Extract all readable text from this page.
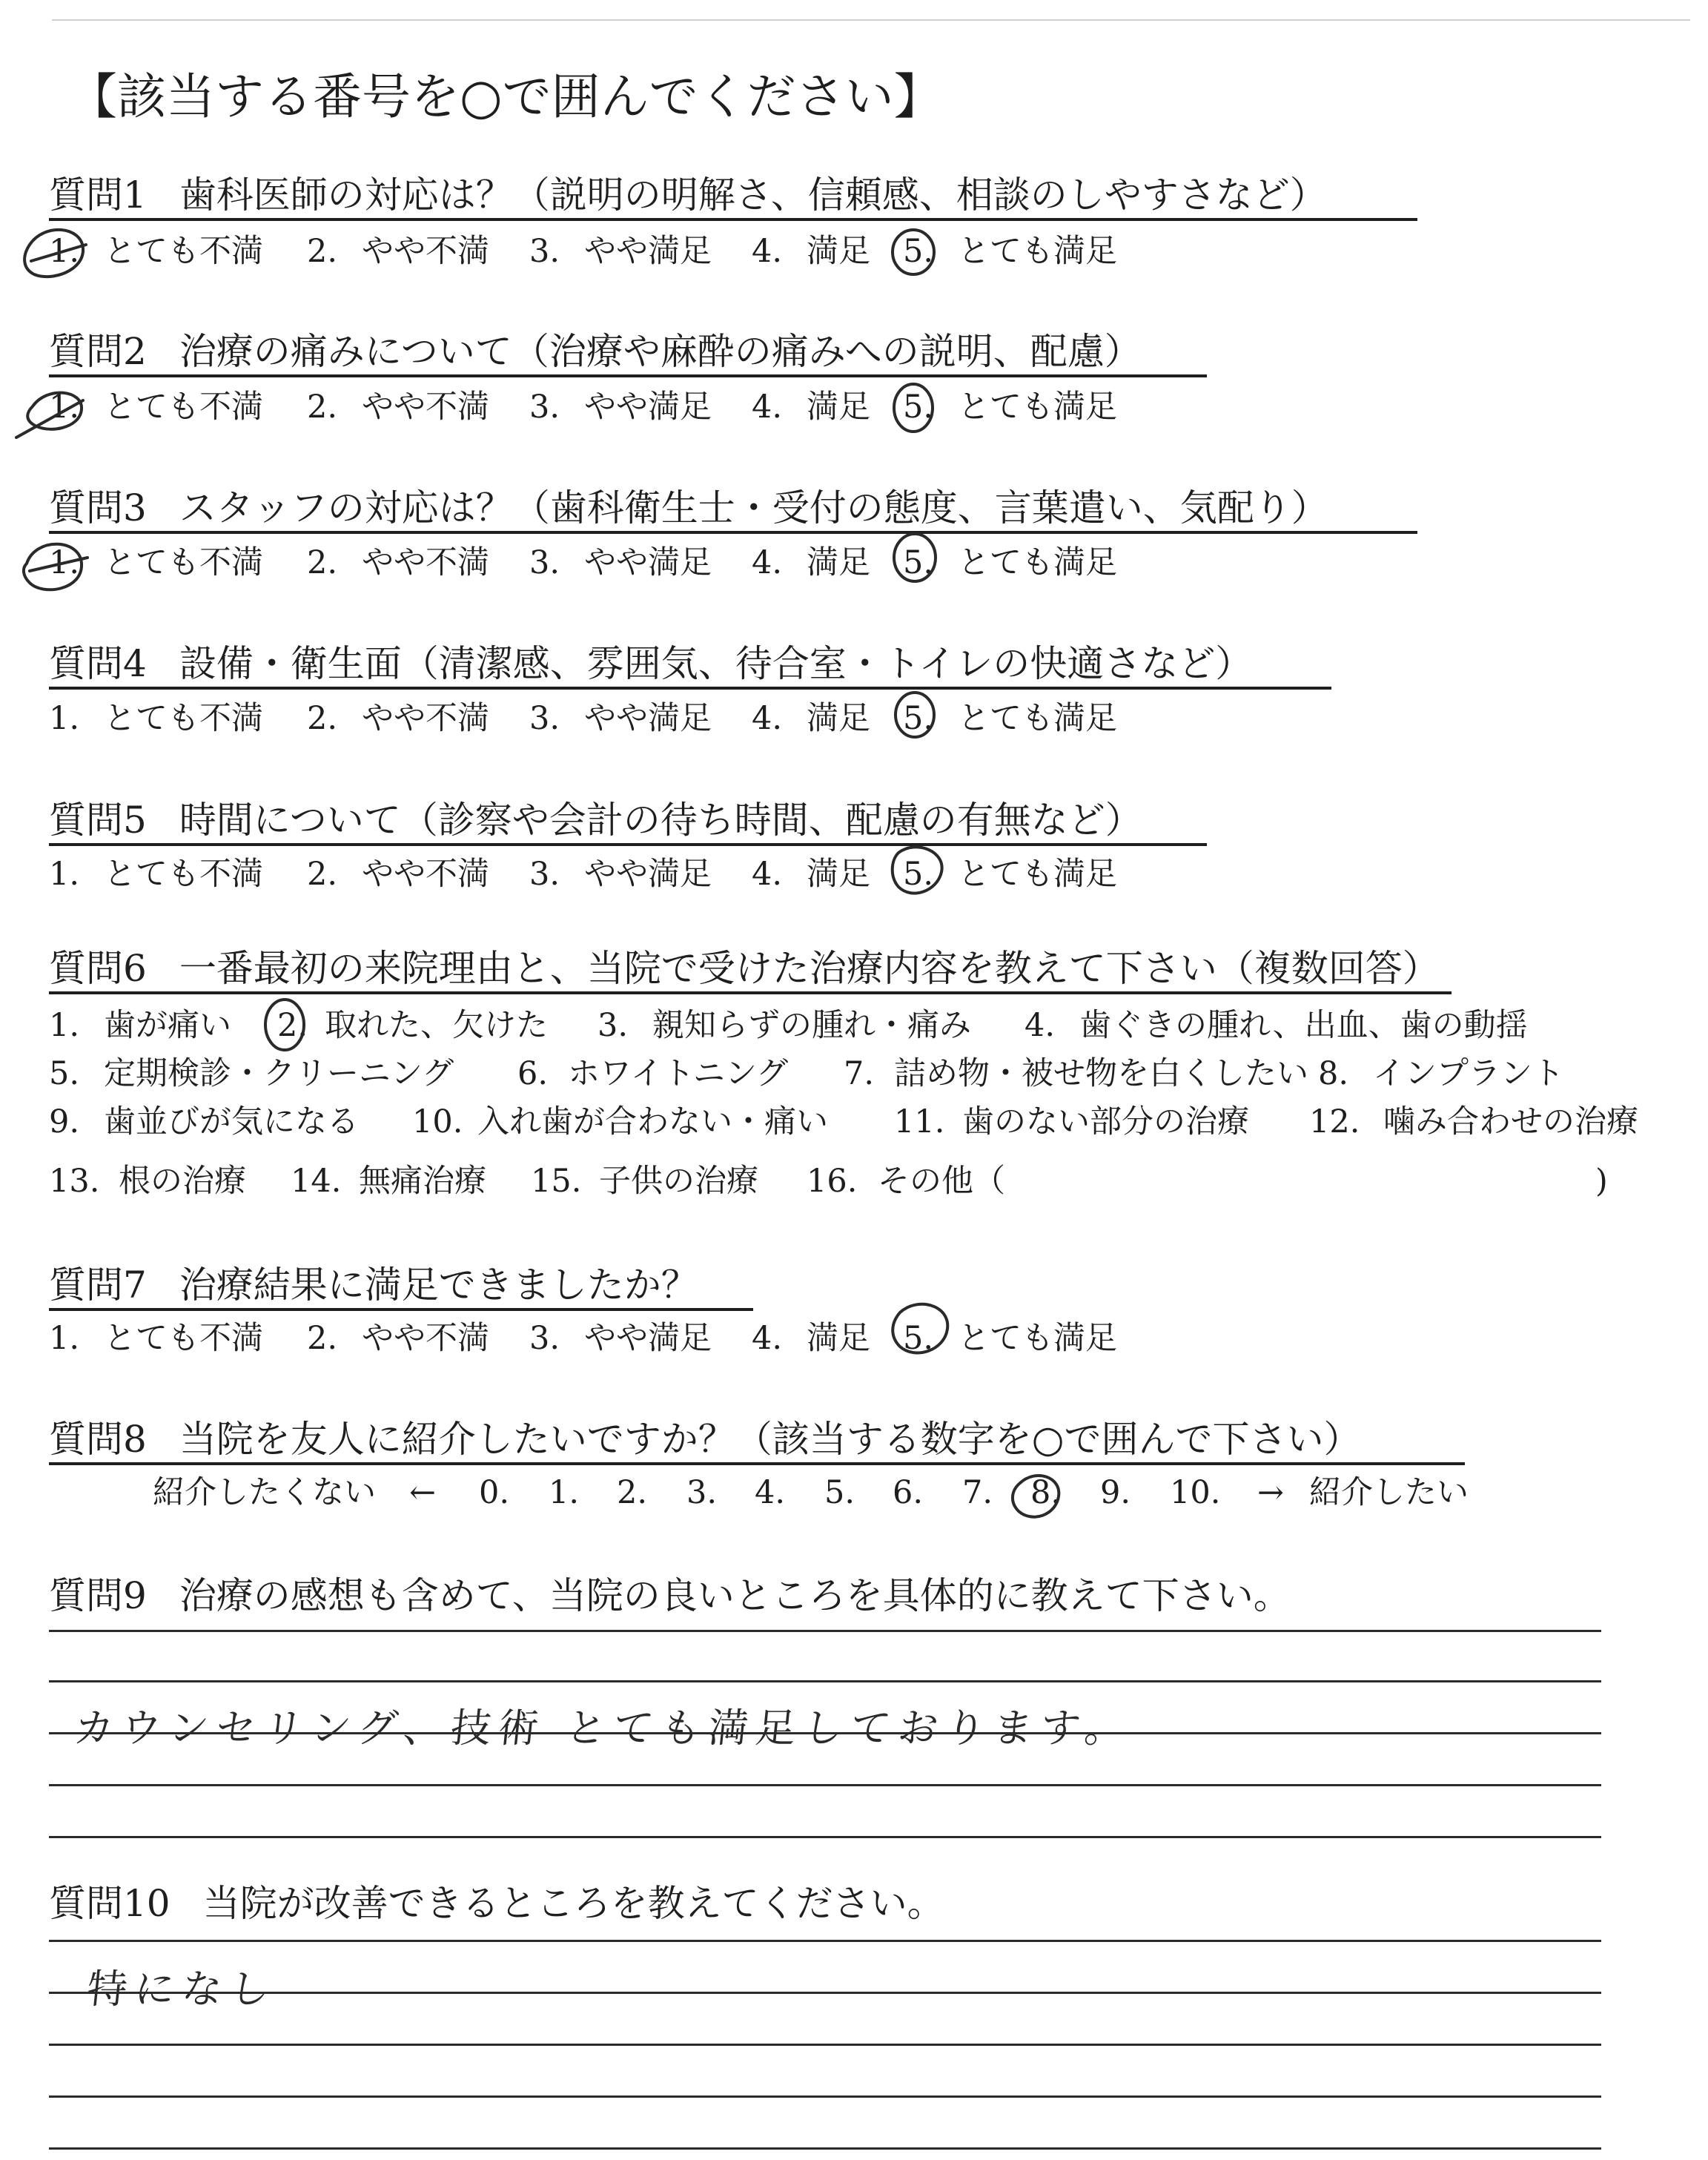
【該当する番号を○で囲んでください】
質問1 歯科医師の対応は？（説明の明解さ、信頼感、相談のしやすさなど）
質問2 治療の痛みについて（治療や麻酔の痛みへの説明、配慮）
質問3 スタッフの対応は？（歯科衛生士・受付の態度、言葉遣い、気配り）
質問4 設備・衛生面（清潔感、雰囲気、待合室・トイレの快適さなど）
質問5 時間について（診察や会計の待ち時間、配慮の有無など）
質問6 一番最初の来院理由と、当院で受けた治療内容を教えて下さい（複数回答）
質問7 治療結果に満足できましたか？
質問8 当院を友人に紹介したいですか？（該当する数字を○で囲んで下さい）
質問9 治療の感想も含めて、当院の良いところを具体的に教えて下さい。
質問10 当院が改善できるところを教えてください。
1. とても不満 2. やや不満 3. やや満足 4. 満足 5. とても満足
1. とても不満 2. やや不満 3. やや満足 4. 満足 5. とても満足
1. とても不満 2. やや不満 3. やや満足 4. 満足 5. とても満足
1. とても不満 2. やや不満 3. やや満足 4. 満足 5. とても満足
1. とても不満 2. やや不満 3. やや満足 4. 満足 5. とても満足
1. とても不満 2. やや不満 3. やや満足 4. 満足 5. とても満足
1. 歯が痛い 2. 取れた、欠けた 3. 親知らずの腫れ・痛み 4. 歯ぐきの腫れ、出血、歯の動揺
5. 定期検診・クリーニング 6. ホワイトニング 7. 詰め物・被せ物を白くしたい 8. インプラント
9. 歯並びが気になる 10. 入れ歯が合わない・痛い 11. 歯のない部分の治療 12. 噛み合わせの治療
13. 根の治療 14. 無痛治療 15. 子供の治療 16. その他（	)
紹介したくない ← 0. 1. 2. 3. 4. 5. 6. 7. 8. 9. 10. → 紹介したい
カウンセリング、技術 とても満足しております。
特になし
